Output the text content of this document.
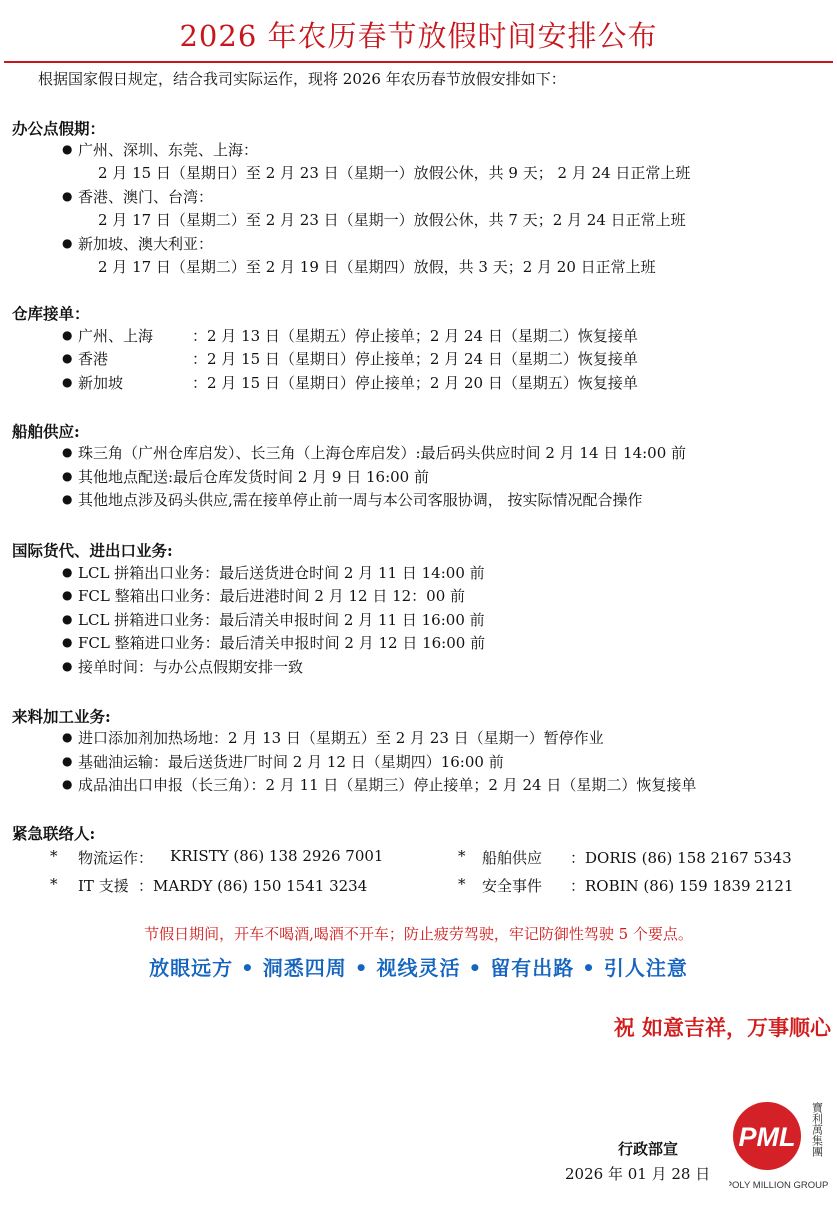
2026 年农历春节放假时间安排公布
根据国家假日规定，结合我司实际运作，现将 2026 年农历春节放假安排如下：
办公点假期：
● 广州、深圳、东莞、上海：
2 月 15 日（星期日）至 2 月 23 日（星期一）放假公休，共 9 天； 2 月 24 日正常上班
● 香港、澳门、台湾：
2 月 17 日（星期二）至 2 月 23 日（星期一）放假公休，共 7 天；2 月 24 日正常上班
● 新加坡、澳大利亚：
2 月 17 日（星期二）至 2 月 19 日（星期四）放假，共 3 天；2 月 20 日正常上班
仓库接单：
● 广州、上海	：2 月 13 日（星期五）停止接单；2 月 24 日（星期二）恢复接单
● 香港	：2 月 15 日（星期日）停止接单；2 月 24 日（星期二）恢复接单
● 新加坡	：2 月 15 日（星期日）停止接单；2 月 20 日（星期五）恢复接单
船舶供应:
● 珠三角（广州仓库启发）、长三角（上海仓库启发）:最后码头供应时间 2 月 14 日 14:00 前
● 其他地点配送:最后仓库发货时间 2 月 9 日 16:00 前
● 其他地点涉及码头供应,需在接单停止前一周与本公司客服协调， 按实际情况配合操作
国际货代、进出口业务:
● LCL 拼箱出口业务：最后送货进仓时间 2 月 11 日 14:00 前
● FCL 整箱出口业务：最后进港时间 2 月 12 日 12：00 前
● LCL 拼箱进口业务：最后清关申报时间 2 月 11 日 16:00 前
● FCL 整箱进口业务：最后清关申报时间 2 月 12 日 16:00 前
● 接单时间：与办公点假期安排一致
来料加工业务:
● 进口添加剂加热场地：2 月 13 日（星期五）至 2 月 23 日（星期一）暂停作业
● 基础油运输：最后送货进厂时间 2 月 12 日（星期四）16:00 前
● 成品油出口申报（长三角）：2 月 11 日（星期三）停止接单；2 月 24 日（星期二）恢复接单
紧急联络人:
* 物流运作： KRISTY (86) 138 2926 7001	* 船舶供应 ：DORIS (86) 158 2167 5343
* IT 支援 ：MARDY (86) 150 1541 3234	* 安全事件 ：ROBIN (86) 159 1839 2121
节假日期间，开车不喝酒,喝酒不开车；防止疲劳驾驶，牢记防御性驾驶 5 个要点。
放眼远方 • 洞悉四周 • 视线灵活 • 留有出路 • 引人注意
祝 如意吉祥，万事顺心
行政部宣
2026 年 01 月 28 日
PML 寶利萬集團
POLY MILLION GROUP
